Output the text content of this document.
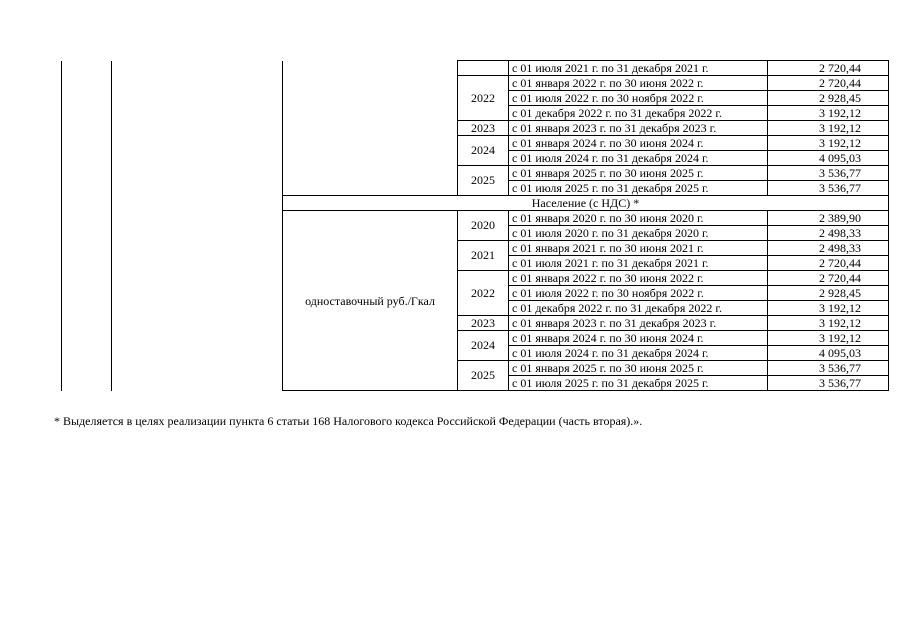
				с 01 июля 2021 г. по 31 декабря 2021 г.	2 720,44
			2022	с 01 января 2022 г. по 30 июня 2022 г.	2 720,44
				с 01 июля 2022 г. по 30 ноября 2022 г.	2 928,45
				с 01 декабря 2022 г. по 31 декабря 2022 г.	3 192,12
			2023	с 01 января 2023 г. по 31 декабря 2023 г.	3 192,12
			2024	с 01 января 2024 г. по 30 июня 2024 г.	3 192,12
				с 01 июля 2024 г. по 31 декабря 2024 г.	4 095,03
			2025	с 01 января 2025 г. по 30 июня 2025 г.	3 536,77
				с 01 июля 2025 г. по 31 декабря 2025 г.	3 536,77
		Население (с НДС) *			
		одноставочный руб./Гкал	2020	с 01 января 2020 г. по 30 июня 2020 г.	2 389,90
				с 01 июля 2020 г. по 31 декабря 2020 г.	2 498,33
			2021	с 01 января 2021 г. по 30 июня 2021 г.	2 498,33
				с 01 июля 2021 г. по 31 декабря 2021 г.	2 720,44
			2022	с 01 января 2022 г. по 30 июня 2022 г.	2 720,44
				с 01 июля 2022 г. по 30 ноября 2022 г.	2 928,45
				с 01 декабря 2022 г. по 31 декабря 2022 г.	3 192,12
			2023	с 01 января 2023 г. по 31 декабря 2023 г.	3 192,12
			2024	с 01 января 2024 г. по 30 июня 2024 г.	3 192,12
				с 01 июля 2024 г. по 31 декабря 2024 г.	4 095,03
			2025	с 01 января 2025 г. по 30 июня 2025 г.	3 536,77
				с 01 июля 2025 г. по 31 декабря 2025 г.	3 536,77
* Выделяется в целях реализации пункта 6 статьи 168 Налогового кодекса Российской Федерации (часть вторая).».
